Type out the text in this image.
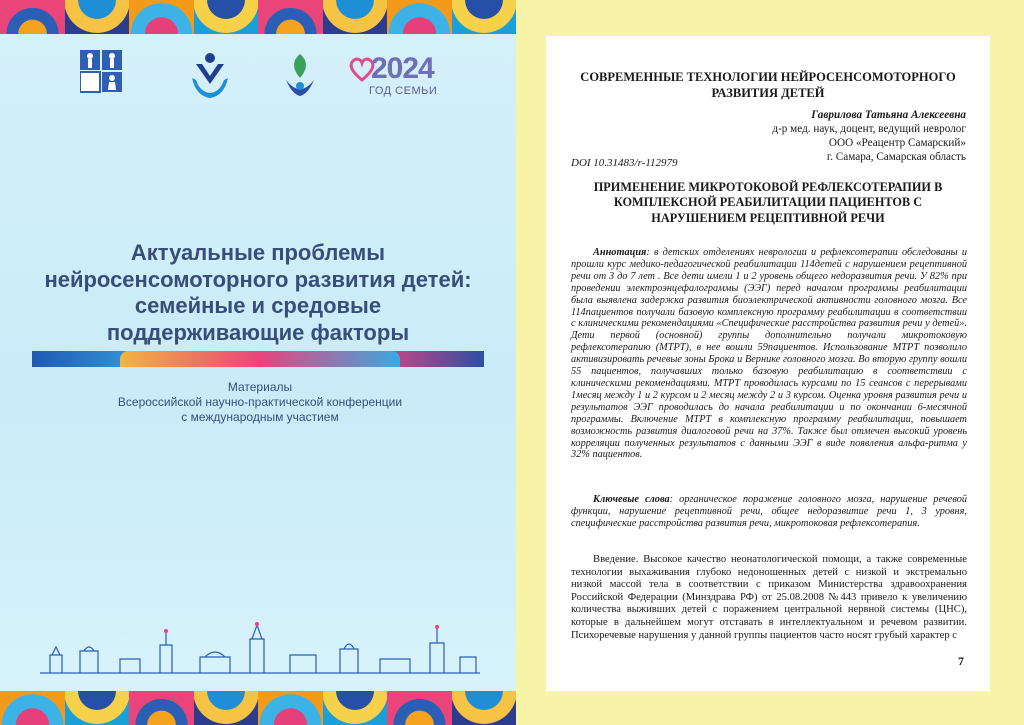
2024
ГОД СЕМЬИ
Актуальные проблемы нейросенсомоторного развития детей: семейные и средовые поддерживающие факторы
Материалы
Всероссийской научно-практической конференции
с международным участием
СОВРЕМЕННЫЕ ТЕХНОЛОГИИ НЕЙРОСЕНСОМОТОРНОГО РАЗВИТИЯ ДЕТЕЙ
Гаврилова Татьяна Алексеевна
д-р мед. наук, доцент, ведущий невролог
ООО «Реацентр Самарский»
г. Самара, Самарская область
DOI 10.31483/r-112979
ПРИМЕНЕНИЕ МИКРОТОКОВОЙ РЕФЛЕКСОТЕРАПИИ В КОМПЛЕКСНОЙ РЕАБИЛИТАЦИИ ПАЦИЕНТОВ С НАРУШЕНИЕМ РЕЦЕПТИВНОЙ РЕЧИ
Аннотация: в детских отделениях неврологии и рефлексотерапии обследованы и прошли курс медико-педагогической реабилитации 114детей с нарушением рецептивной речи от 3 до 7 лет . Все дети имели 1 и 2 уровень общего недоразвития речи. У 82% при проведении электроэнцефалограммы (ЭЭГ) перед началом программы реабилитации была выявлена задержка развития биоэлектрической активности головного мозга. Все 114пациентов получали базовую комплексную программу реабилитации в соответствии с клиническими рекомендациями «Специфические расстройства развития речи у детей». Дети первой (основной) группы дополнительно получали микротоковую рефлексотерапию (МТРТ), в нее вошли 59пациентов. Использование МТРТ позволило активизировать речевые зоны Брока и Вернике головного мозга. Во вторую группу вошли 55 пациентов, получавших только базовую реабилитацию в соответствии с клиническими рекомендациями. МТРТ проводилась курсами по 15 сеансов с перерывами 1месяц между 1 и 2 курсом и 2 месяц между 2 и 3 курсом. Оценка уровня развития речи и результатов ЭЭГ проводилась до начала реабилитации и по окончании 6-месячной программы. Включение МТРТ в комплексную программу реабилитации, повышает возможность развития диалоговой речи на 37%. Также был отмечен высокий уровень корреляции полученных результатов с данными ЭЭГ в виде появления альфа-ритма у 32% пациентов.
Ключевые слова: органическое поражение головного мозга, нарушение речевой функции, нарушение рецептивной речи, общее недоразвитие речи 1, 3 уровня, специфические расстройства развития речи, микротоковая рефлексотерапия.
Введение. Высокое качество неонатологической помощи, а также современные технологии выхаживания глубоко недоношенных детей с низкой и экстремально низкой массой тела в соответствии с приказом Министерства здравоохранения Российской Федерации (Минздрава РФ) от 25.08.2008 №443 привело к увеличению количества выживших детей с поражением центральной нервной системы (ЦНС), которые в дальнейшем могут отставать в интеллектуальном и речевом развитии. Психоречевые нарушения у данной группы пациентов часто носят грубый характер с
7
